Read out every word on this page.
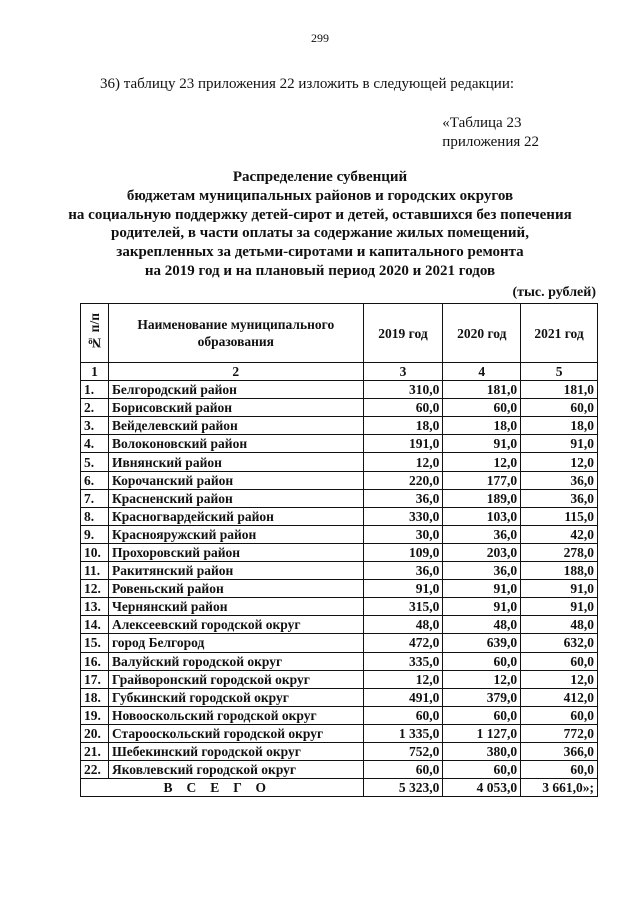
299
36) таблицу 23 приложения 22 изложить в следующей редакции:
«Таблица 23
приложения 22
Распределение субвенций
бюджетам муниципальных районов и городских округов
на социальную поддержку детей-сирот и детей, оставшихся без попечения
родителей, в части оплаты за содержание жилых помещений,
закрепленных за детьми-сиротами и капитального ремонта
на 2019 год и на плановый период 2020 и 2021 годов
(тыс. рублей)
№ п/п	Наименование муниципального образования	2019 год	2020 год	2021 год
1	2	3	4	5
1.	Белгородский район	310,0	181,0	181,0
2.	Борисовский район	60,0	60,0	60,0
3.	Вейделевский район	18,0	18,0	18,0
4.	Волоконовский район	191,0	91,0	91,0
5.	Ивнянский район	12,0	12,0	12,0
6.	Корочанский район	220,0	177,0	36,0
7.	Красненский район	36,0	189,0	36,0
8.	Красногвардейский район	330,0	103,0	115,0
9.	Краснояружский район	30,0	36,0	42,0
10.	Прохоровский район	109,0	203,0	278,0
11.	Ракитянский район	36,0	36,0	188,0
12.	Ровеньский район	91,0	91,0	91,0
13.	Чернянский район	315,0	91,0	91,0
14.	Алексеевский городской округ	48,0	48,0	48,0
15.	город Белгород	472,0	639,0	632,0
16.	Валуйский городской округ	335,0	60,0	60,0
17.	Грайворонский городской округ	12,0	12,0	12,0
18.	Губкинский городской округ	491,0	379,0	412,0
19.	Новооскольский городской округ	60,0	60,0	60,0
20.	Старооскольский городской округ	1 335,0	1 127,0	772,0
21.	Шебекинский городской округ	752,0	380,0	366,0
22.	Яковлевский городской округ	60,0	60,0	60,0
ВСЕГО		5 323,0	4 053,0	3 661,0»;
